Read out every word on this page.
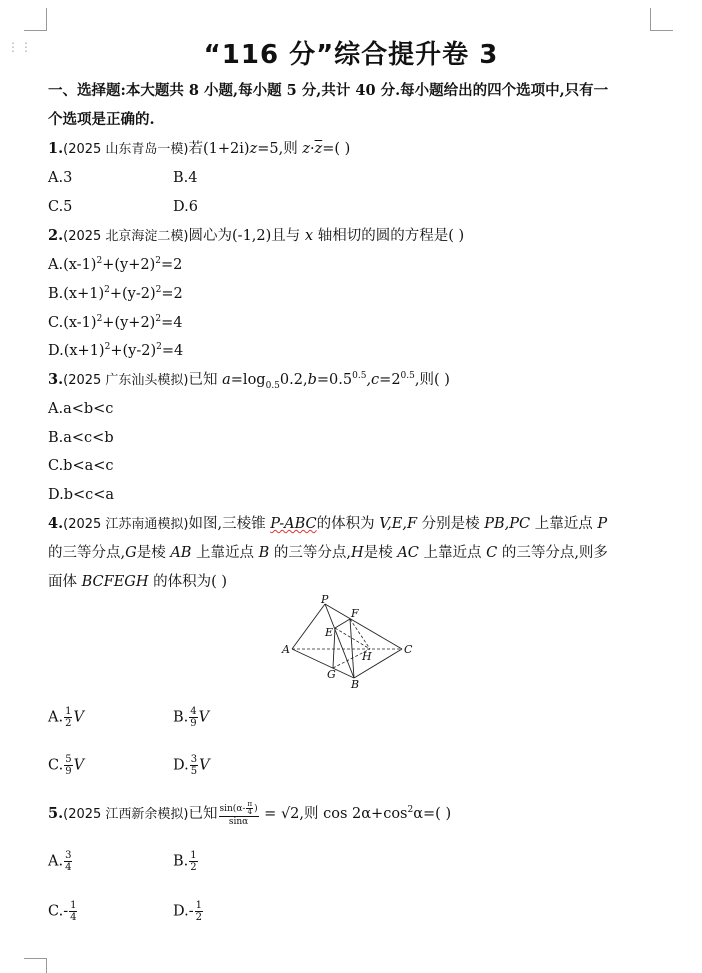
⋮⋮	“116 分”综合提升卷 3
一、选择题:本大题共 8 小题,每小题 5 分,共计 40 分.每小题给出的四个选项中,只有一
个选项是正确的.
1.(2025 山东青岛一模)若(1+2i)z=5,则 $z\cdot\overline{z}=$( )
A.3	B.4
C.5	D.6
2.(2025 北京海淀二模)圆心为(-1,2)且与 x 轴相切的圆的方程是( )
$A.(x-1)^2+(y+2)^2=2$
$B.(x+1)^2+(y-2)^2=2$
$C.(x-1)^2+(y+2)^2=4$
$D.(x+1)^2+(y-2)^2=4$
3.(2025 广东汕头模拟)已知 $a=\log_{0.5}0.2,b=0.5^{0.5},c=2^{0.5}$,则( )
A.a<b<c
B.a<c<b
C.b<a<c
D.b<c<a
4.(2025 江苏南通模拟)如图,三棱锥 P-ABC的体积为 V,E,F 分别是棱 PB,PC 上靠近点 P
的三等分点,G是棱 AB 上靠近点 B 的三等分点,H是棱 AC 上靠近点 C 的三等分点,则多
面体 BCFEGH 的体积为( )
P
F
E
A
H
C
G
B
A. $\frac{1}{2}$ V	B. $\frac{4}{9}$ V
C. $\frac{5}{9}$ V	D. $\frac{3}{5}$ V
5.(2025 江西新余模拟)已知 $\frac{\sin(\alpha- \frac{\pi}{4} )}{\sin\alpha} = √2$,则 $\cos 2\alpha+\cos^2\alpha=$( )
A. $\frac{3}{4}$	B. $\frac{1}{2}$
$C.- \frac{1}{4}$	$D.- \frac{1}{2}$
